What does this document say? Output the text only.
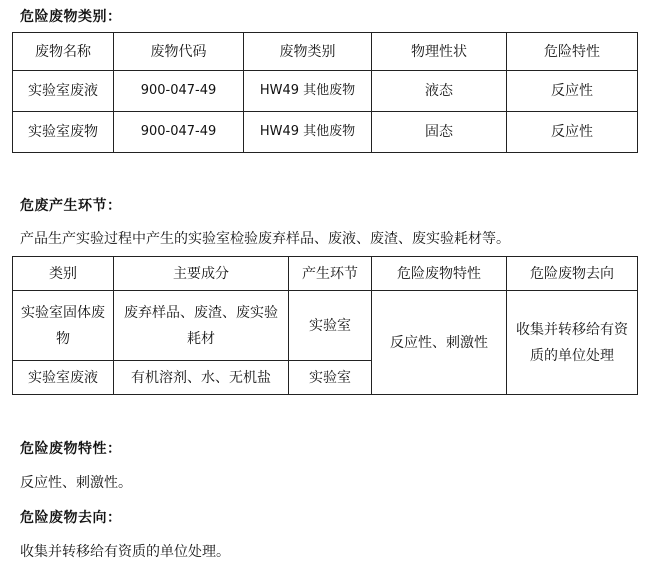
危险废物类别：
废物名称	废物代码	废物类别	物理性状	危险特性
实验室废液	900-047-49	HW49 其他废物	液态	反应性
实验室废物	900-047-49	HW49 其他废物	固态	反应性
危废产生环节：
产品生产实验过程中产生的实验室检验废弃样品、废液、废渣、废实验耗材等。
类别	主要成分	产生环节	危险废物特性	危险废物去向
实验室固体废物	废弃样品、废渣、废实验耗材	实验室	反应性、刺激性	收集并转移给有资质的单位处理
实验室废液	有机溶剂、水、无机盐	实验室		
危险废物特性：
反应性、刺激性。
危险废物去向：
收集并转移给有资质的单位处理。
